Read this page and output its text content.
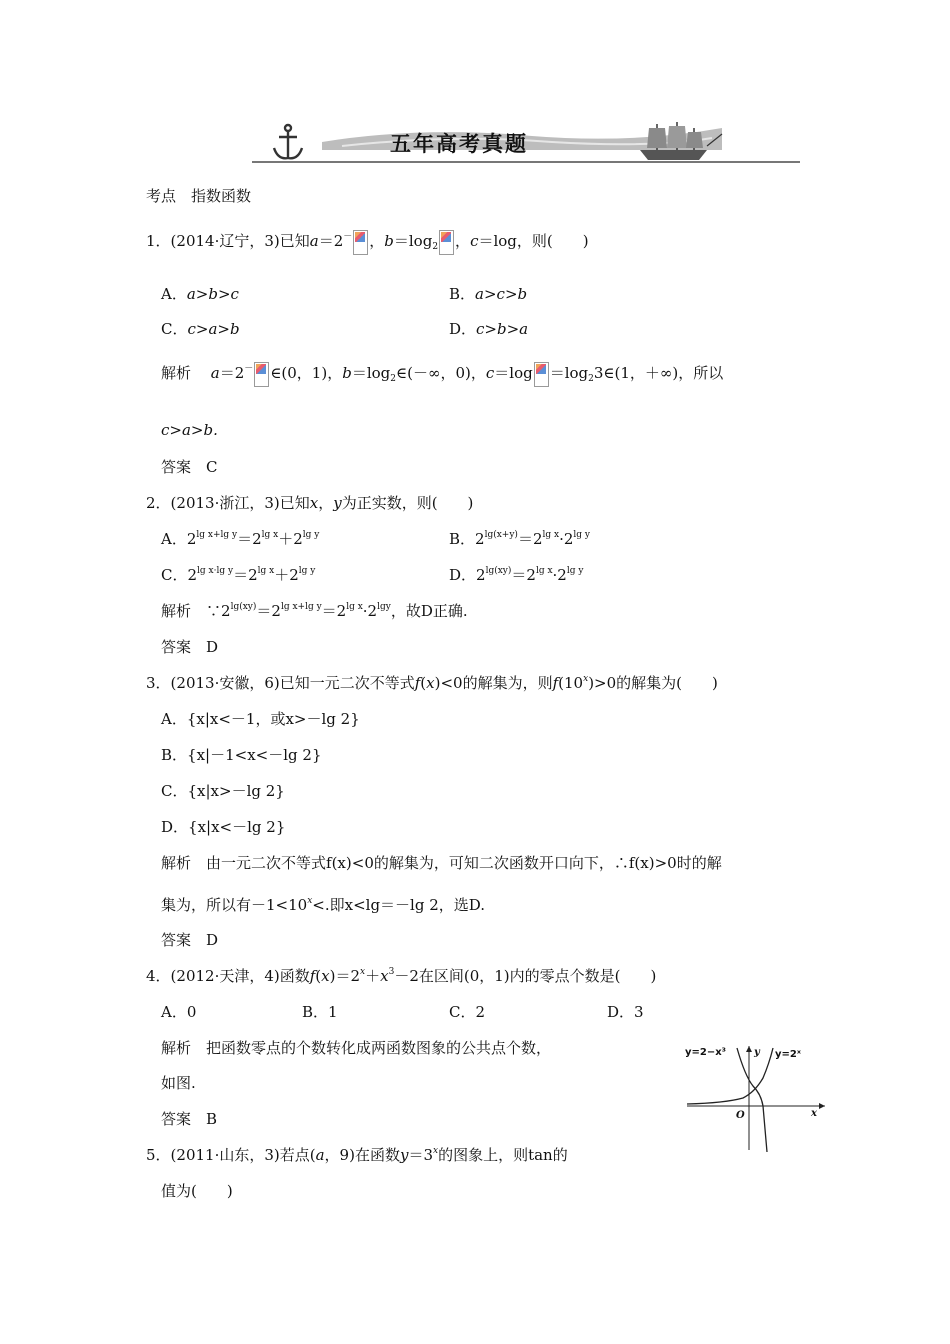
五年高考真题
考点　指数函数
1．(2014·辽宁，3)已知a＝2－ ，$b=\log_2$ ，c＝log，则(　　)
A．a>b>c	B．a>c>b
C．c>a>b	D．c>b>a
解析　 a＝2－ ∈(0，1)，$b=\log_2\in(-\infty$，0)，$c=\log =\log_23\in(1$，＋∞)，所以
c>a>b.
答案　 C
2．(2013·浙江，3)已知x，y为正实数，则(　　)
A．$2^{lg x+lg y}=2^{lg x}+2^{lg y}$	B．$2^{lg(x+y)}=2^{lg x}\cdot 2^{lg y}$
C．$2^{lg x\cdot lg y}=2^{lg x}+2^{lg y}$	D．$2^{lg(xy)}=2^{lg x}\cdot 2^{lg y}$
解析　 $\because 2^{lg(xy)}=2^{lg x+lg y}=2^{lg x}\cdot 2^{lgy}$，故D正确.
答案　 D
3．(2013·安徽，6)已知一元二次不等式f(x)<0的解集为，则$f(10^x)>0$的解集为(　　)
A．{x|x<－1，或x>－lg 2}
B．{x|－1<x<－lg 2}
C．{x|x>－lg 2}
D．{x|x<－lg 2}
解析　 由一元二次不等式f(x)<0的解集为，可知二次函数开口向下，∴f(x)>0时的解
集为，所以有$-1<10^x<$.即x<lg＝－lg 2，选D.
答案　 D
4．(2012·天津，4)函数$f(x)=2^x+x^3-2$在区间(0，1)内的零点个数是(　　)
A．0	B．1	C．2	D．3
解析　 把函数零点的个数转化成两函数图象的公共点个数，
如图.
答案　 B
y=2−x³	y=2ˣ
y
x
O
5．(2011·山东，3)若点(a，9)在函数$y=3^x$的图象上，则tan的
值为(　　)
